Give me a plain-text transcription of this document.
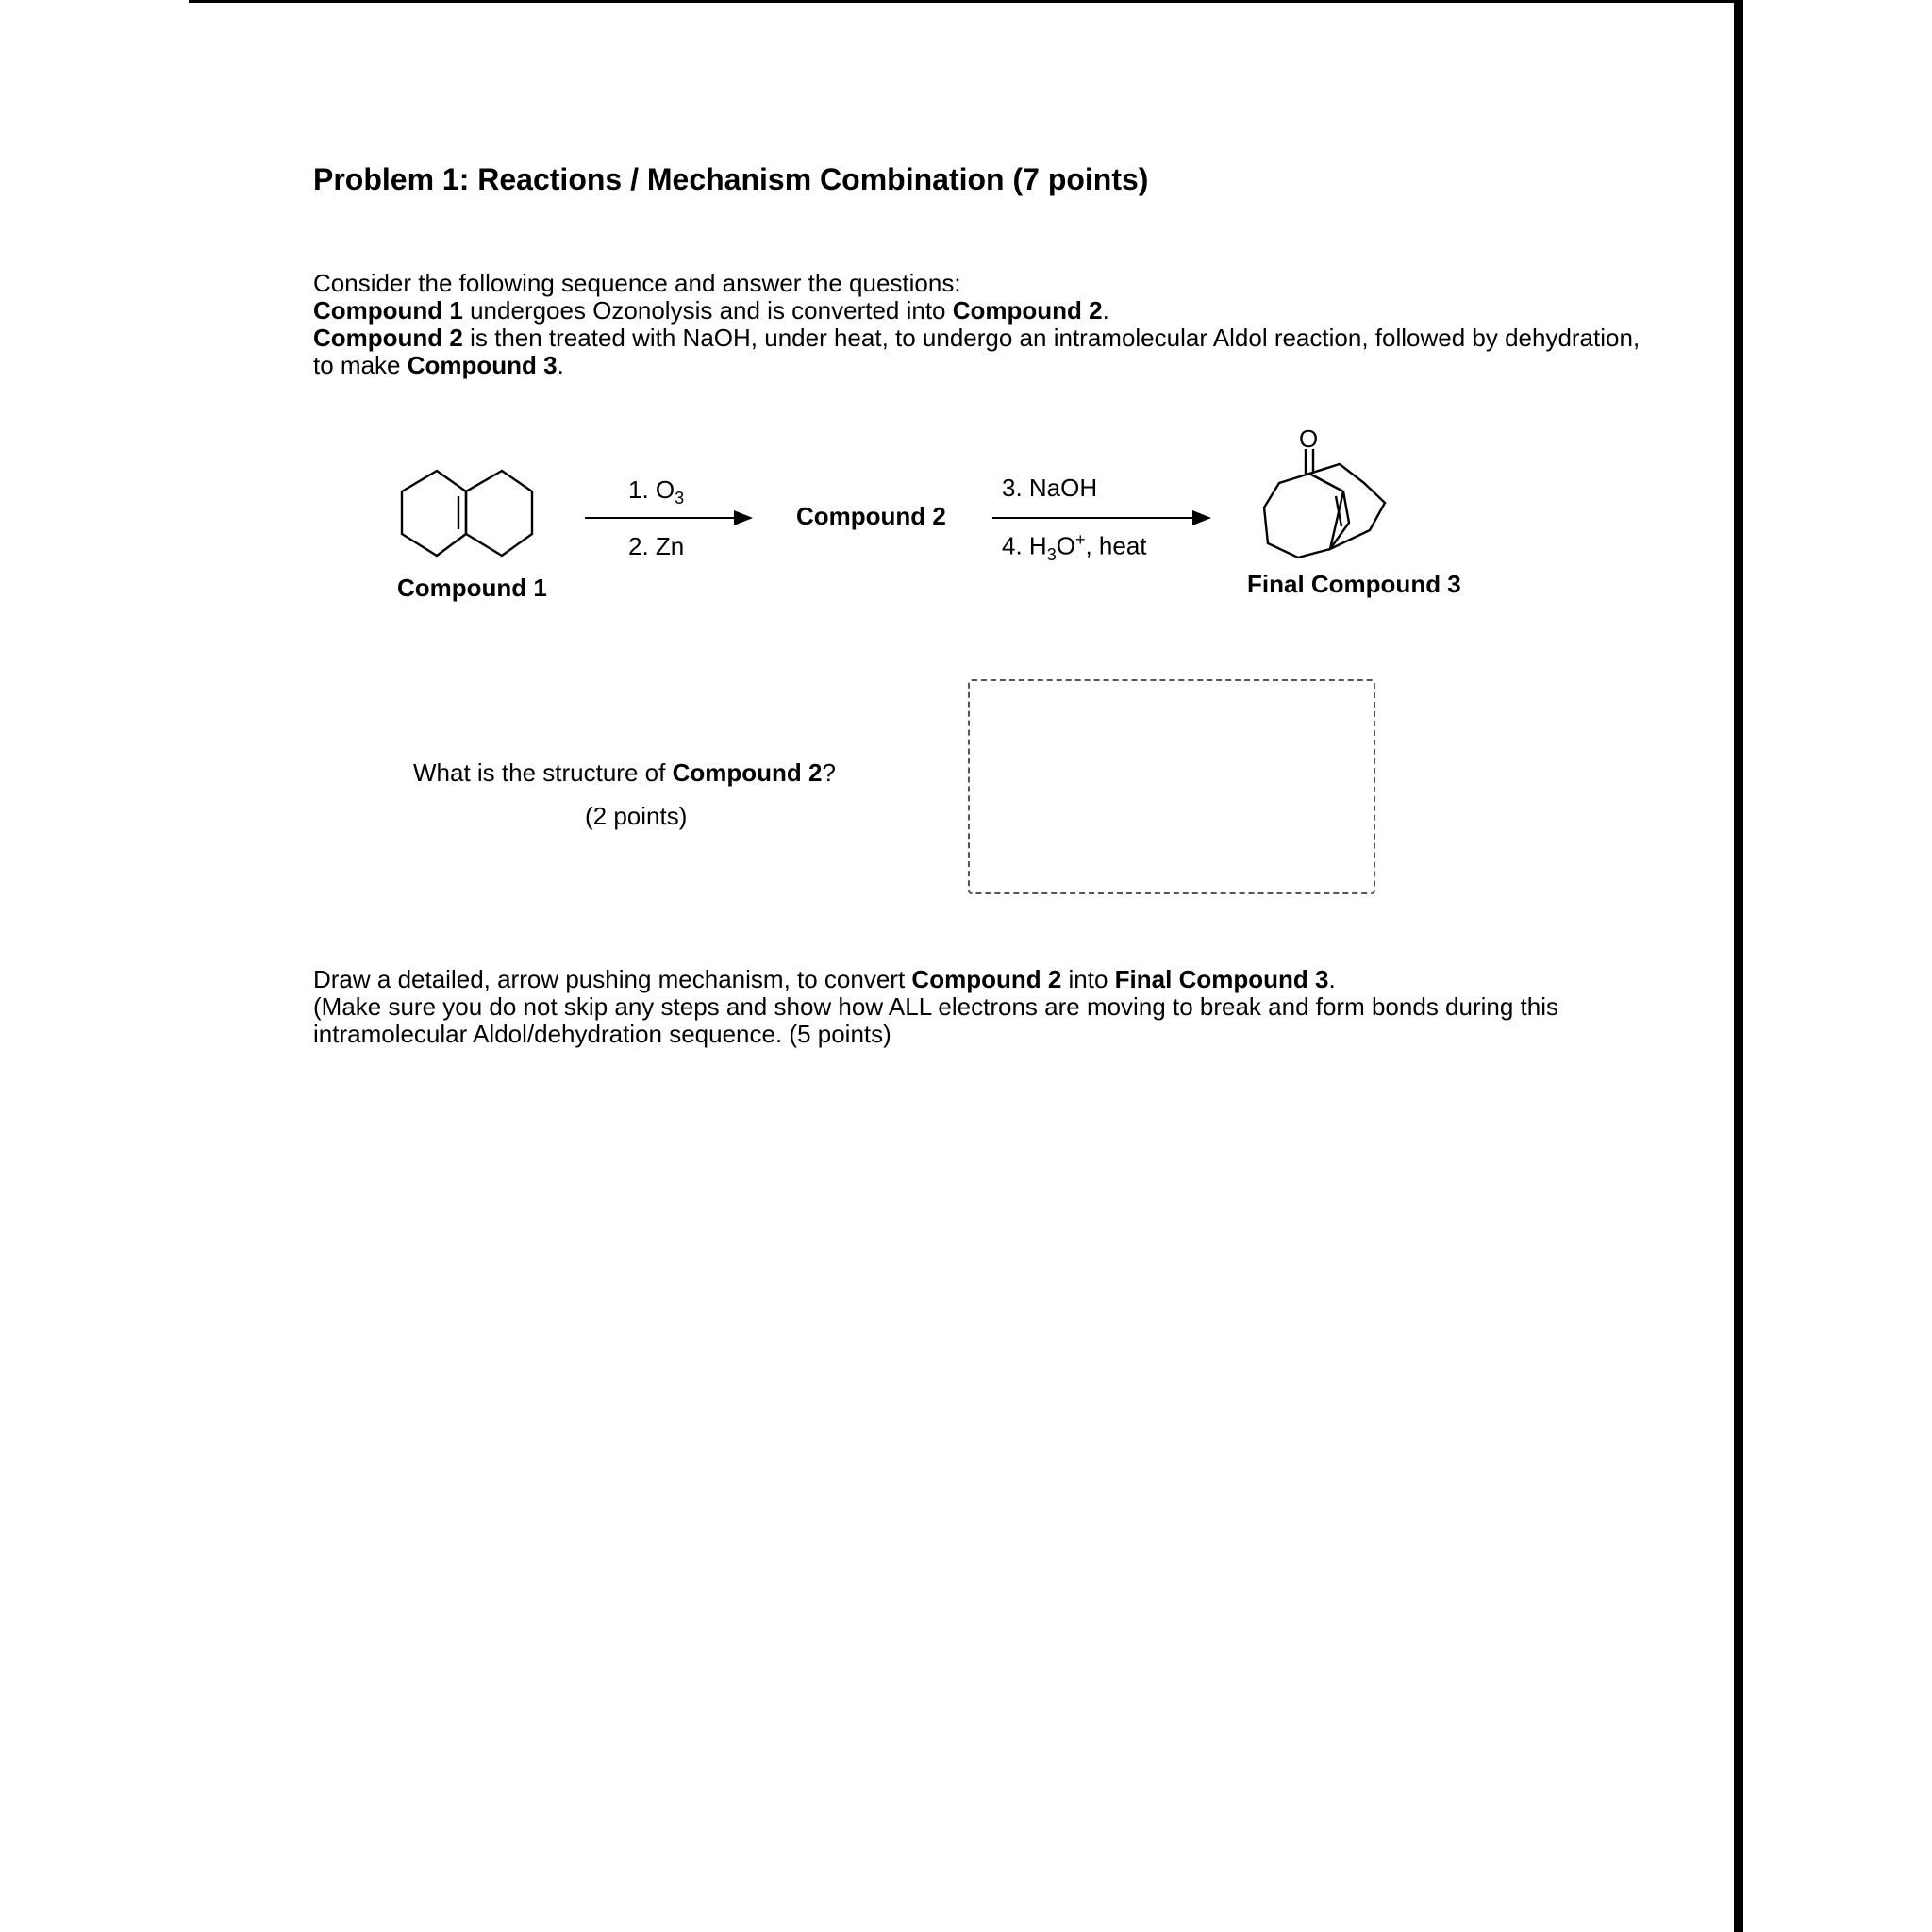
Problem 1: Reactions / Mechanism Combination (7 points)

Consider the following sequence and answer the questions:

Compound 1 undergoes Ozonolysis and is converted into Compound 2.

Compound 2 is then treated with NaOH, under heat, to undergo an intramolecular Aldol reaction, followed by dehydration, to make Compound 3.

O
Compound 1
1. $O_3$
2. Zn
Compound 2
3. NaOH
4. $H_3O^+$, heat
Final Compound 3
What is the structure of Compound 2?
(2 points)

Draw a detailed, arrow pushing mechanism, to convert Compound 2 into Final Compound 3.

(Make sure you do not skip any steps and show how ALL electrons are moving to break and form bonds during this intramolecular Aldol/dehydration sequence. (5 points)
